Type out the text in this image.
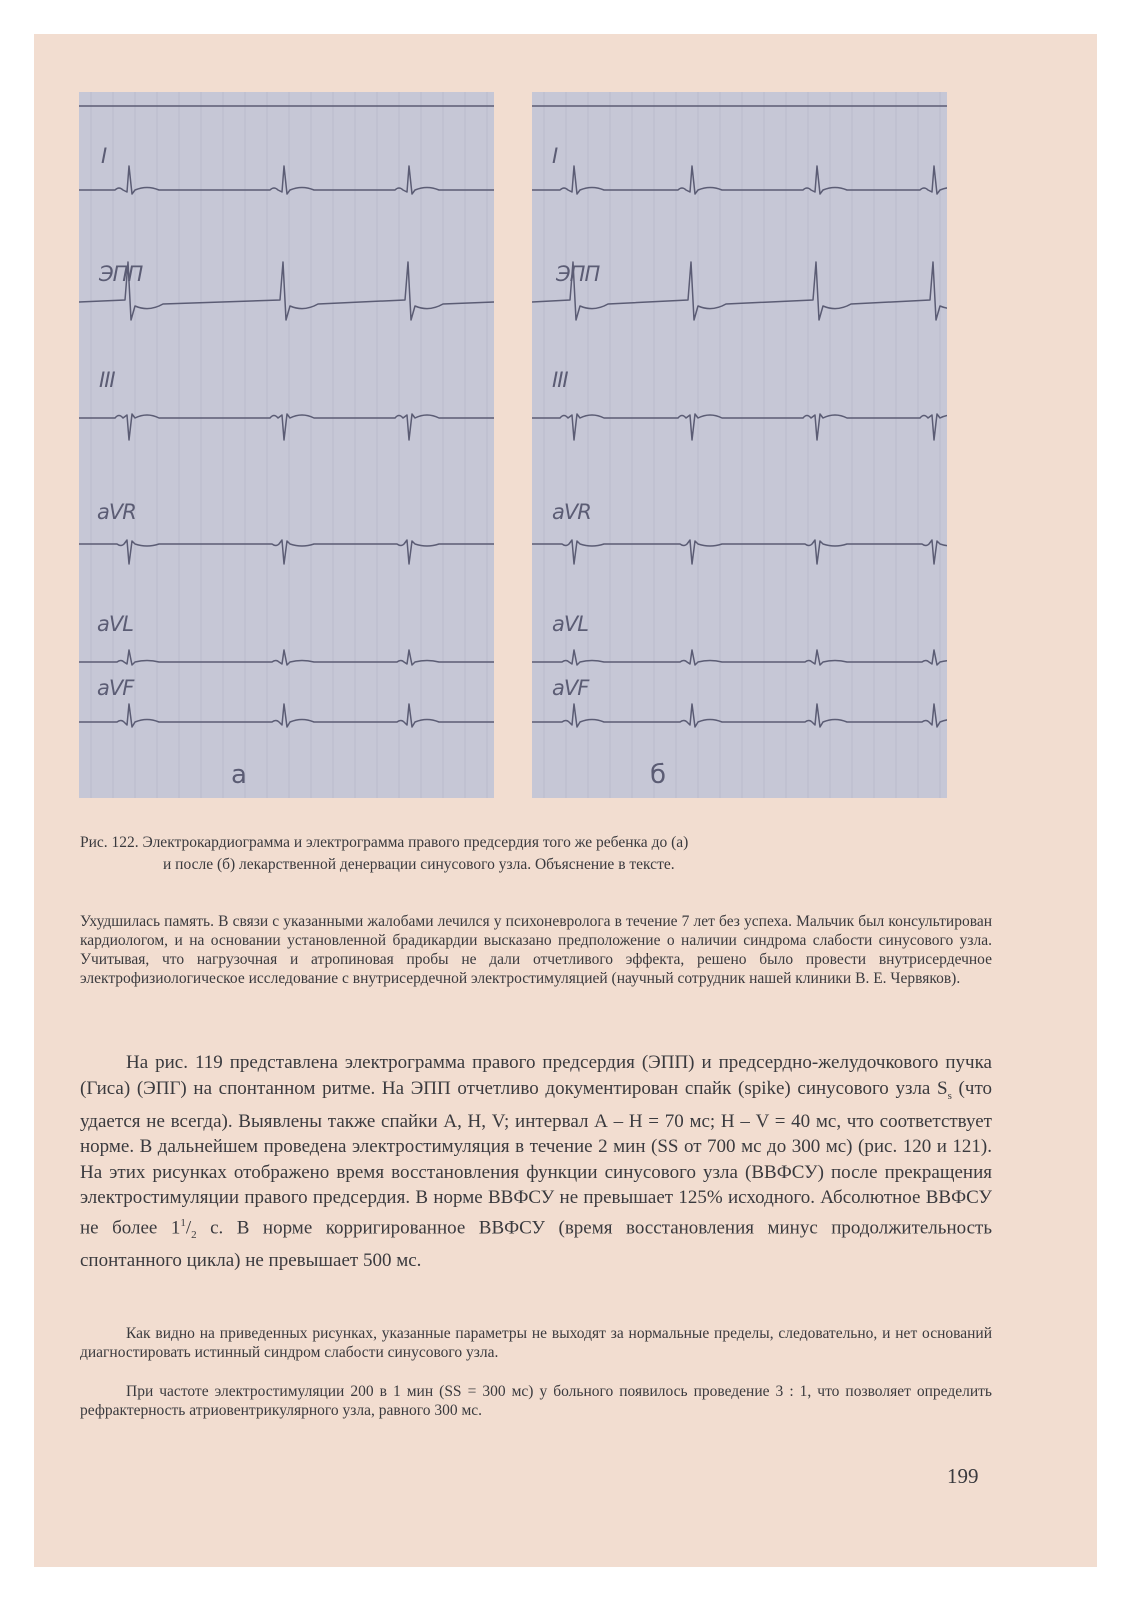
I
ЭПП
III
aVR
aVL
aVF
а
I
ЭПП
III
aVR
aVL
aVF
б
Рис. 122. Электрокардиограмма и электрограмма правого предсердия того же ребенка до (а)
и после (б) лекарственной денервации синусового узла. Объяснение в тексте.

Ухудшилась память. В связи с указанными жалобами лечился у психоневролога в течение 7 лет без успеха. Мальчик был консультирован кардиологом, и на основании установленной брадикардии высказано предположение о наличии синдрома слабости синусового узла. Учитывая, что нагрузочная и атропиновая пробы не дали отчетливого эффекта, решено было провести внутрисердечное электрофизиологическое исследование с внутрисердечной электростимуляцией (научный сотрудник нашей клиники В. Е. Червяков).

На рис. 119 представлена электрограмма правого предсердия (ЭПП) и предсердно-желудочкового пучка (Гиса) (ЭПГ) на спонтанном ритме. На ЭПП отчетливо документирован спайк (spike) синусового узла $S_s$ (что удается не всегда). Выявлены также спайки А, Н, V; интервал А – Н = 70 мс; Н – V = 40 мс, что соответствует норме. В дальнейшем проведена электростимуляция в течение 2 мин (SS от 700 мс до 300 мс) (рис. 120 и 121). На этих рисунках отображено время восстановления функции синусового узла (ВВФСУ) после прекращения электростимуляции правого предсердия. В норме ВВФСУ не превышает 125% исходного. Абсолютное ВВФСУ не более $1^1/_2$ с. В норме корригированное ВВФСУ (время восстановления минус продолжительность спонтанного цикла) не превышает 500 мс.

Как видно на приведенных рисунках, указанные параметры не выходят за нормальные пределы, следовательно, и нет оснований диагностировать истинный синдром слабости синусового узла.

При частоте электростимуляции 200 в 1 мин (SS = 300 мс) у больного появилось проведение 3 : 1, что позволяет определить рефрактерность атриовентрикулярного узла, равного 300 мс.

199
